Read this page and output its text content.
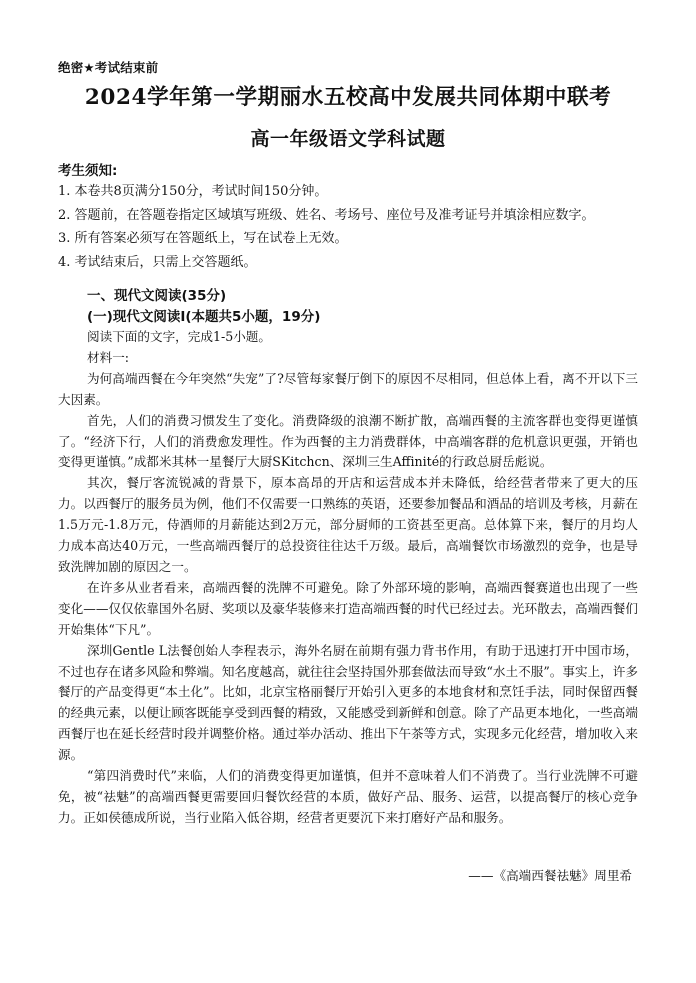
绝密★考试结束前
2024学年第一学期丽水五校高中发展共同体期中联考
高一年级语文学科试题
考生须知:
1. 本卷共8页满分150分，考试时间150分钟。
2. 答题前，在答题卷指定区域填写班级、姓名、考场号、座位号及准考证号并填涂相应数字。
3. 所有答案必须写在答题纸上，写在试卷上无效。
4. 考试结束后，只需上交答题纸。
一、现代文阅读(35分)
(一)现代文阅读I(本题共5小题，19分)

阅读下面的文字，完成1-5小题。

材料一:

为何高端西餐在今年突然“失宠”了?尽管每家餐厅倒下的原因不尽相同，但总体上看，离不开以下三大因素。

首先，人们的消费习惯发生了变化。消费降级的浪潮不断扩散，高端西餐的主流客群也变得更谨慎了。“经济下行，人们的消费愈发理性。作为西餐的主力消费群体，中高端客群的危机意识更强，开销也变得更谨慎。”成都米其林一星餐厅大厨SKitchcn、深圳三生Affinité的行政总厨岳彪说。

其次，餐厅客流锐减的背景下，原本高昂的开店和运营成本并未降低，给经营者带来了更大的压力。以西餐厅的服务员为例，他们不仅需要一口熟练的英语，还要参加餐品和酒品的培训及考核，月薪在1.5万元-1.8万元，侍酒师的月薪能达到2万元，部分厨师的工资甚至更高。总体算下来，餐厅的月均人力成本高达40万元，一些高端西餐厅的总投资往往达千万级。最后，高端餐饮市场激烈的竞争，也是导致洗牌加剧的原因之一。

在许多从业者看来，高端西餐的洗牌不可避免。除了外部环境的影响，高端西餐赛道也出现了一些变化——仅仅依靠国外名厨、奖项以及豪华装修来打造高端西餐的时代已经过去。光环散去，高端西餐们开始集体“下凡”。

深圳Gentle L法餐创始人李程表示，海外名厨在前期有强力背书作用，有助于迅速打开中国市场，不过也存在诸多风险和弊端。知名度越高，就往往会坚持国外那套做法而导致“水土不服”。事实上，许多餐厅的产品变得更“本土化”。比如，北京宝格丽餐厅开始引入更多的本地食材和烹饪手法，同时保留西餐的经典元素，以便让顾客既能享受到西餐的精致，又能感受到新鲜和创意。除了产品更本地化，一些高端西餐厅也在延长经营时段并调整价格。通过举办活动、推出下午茶等方式，实现多元化经营，增加收入来源。

“第四消费时代”来临，人们的消费变得更加谨慎，但并不意味着人们不消费了。当行业洗牌不可避免，被“祛魅”的高端西餐更需要回归餐饮经营的本质，做好产品、服务、运营，以提高餐厅的核心竞争力。正如侯德成所说，当行业陷入低谷期，经营者更要沉下来打磨好产品和服务。

——《高端西餐祛魅》周里希
